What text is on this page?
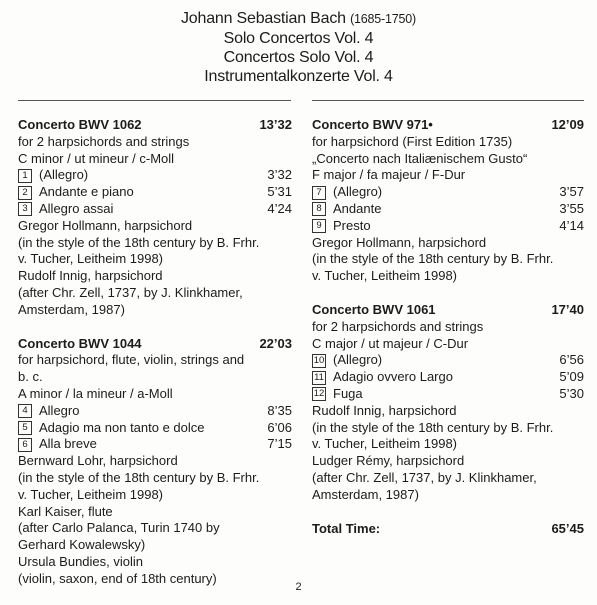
Johann Sebastian Bach (1685-1750)
Solo Concertos Vol. 4
Concertos Solo Vol. 4
Instrumentalkonzerte Vol. 4
Concerto BWV 1062	13’32
for 2 harpsichords and strings
C minor / ut mineur / c-Moll
1 (Allegro)	3’32
2 Andante e piano	5’31
3 Allegro assai	4’24
Gregor Hollmann, harpsichord
(in the style of the 18th century by B. Frhr.
v. Tucher, Leitheim 1998)
Rudolf Innig, harpsichord
(after Chr. Zell, 1737, by J. Klinkhamer,
Amsterdam, 1987)
Concerto BWV 1044	22’03
for harpsichord, flute, violin, strings and
b. c.
A minor / la mineur / a-Moll
4 Allegro	8’35
5 Adagio ma non tanto e dolce	6’06
6 Alla breve	7’15
Bernward Lohr, harpsichord
(in the style of the 18th century by B. Frhr.
v. Tucher, Leitheim 1998)
Karl Kaiser, flute
(after Carlo Palanca, Turin 1740 by
Gerhard Kowalewsky)
Ursula Bundies, violin
(violin, saxon, end of 18th century)
Concerto BWV 971•	12’09
for harpsichord (First Edition 1735)
„Concerto nach Italiænischem Gusto“
F major / fa majeur / F-Dur
7 (Allegro)	3’57
8 Andante	3’55
9 Presto	4’14
Gregor Hollmann, harpsichord
(in the style of the 18th century by B. Frhr.
v. Tucher, Leitheim 1998)
Concerto BWV 1061	17’40
for 2 harpsichords and strings
C major / ut majeur / C-Dur
10 (Allegro)	6’56
11 Adagio ovvero Largo	5’09
12 Fuga	5’30
Rudolf Innig, harpsichord
(in the style of the 18th century by B. Frhr.
v. Tucher, Leitheim 1998)
Ludger Rémy, harpsichord
(after Chr. Zell, 1737, by J. Klinkhamer,
Amsterdam, 1987)
Total Time:	65’45
2
